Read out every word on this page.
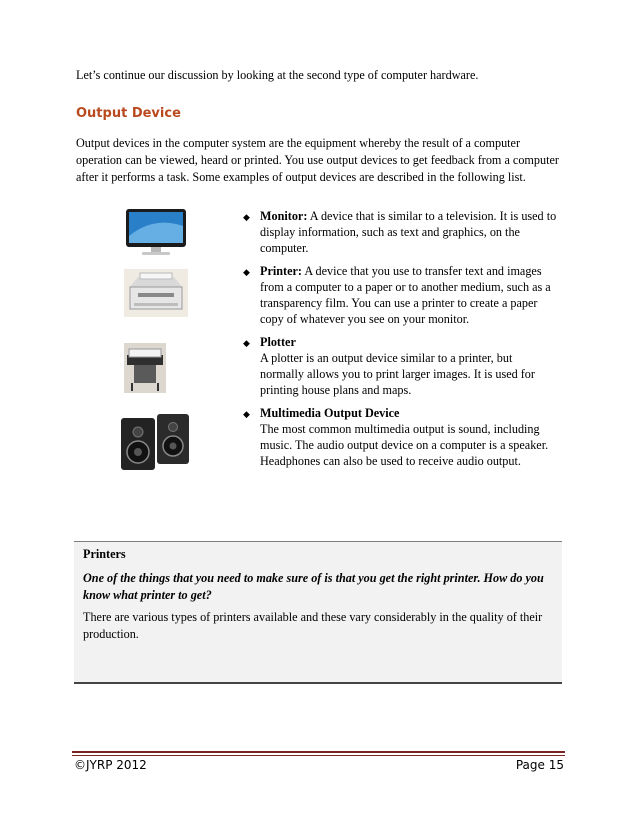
Let’s continue our discussion by looking at the second type of computer hardware.
Output Device

Output devices in the computer system are the equipment whereby the result of a computer operation can be viewed, heard or printed. You use output devices to get feedback from a computer after it performs a task. Some examples of output devices are described in the following list.

◆ Monitor: A device that is similar to a television. It is used to display information, such as text and graphics, on the computer.
◆ Printer: A device that you use to transfer text and images from a computer to a paper or to another medium, such as a transparency film. You can use a printer to create a paper copy of whatever you see on your monitor.
◆ Plotter
A plotter is an output device similar to a printer, but normally allows you to print larger images. It is used for printing house plans and maps.
◆ Multimedia Output Device
The most common multimedia output is sound, including music. The audio output device on a computer is a speaker. Headphones can also be used to receive audio output.
Printers

One of the things that you need to make sure of is that you get the right printer. How do you know what printer to get?

There are various types of printers available and these vary considerably in the quality of their production.

©JYRP 2012	Page 15
